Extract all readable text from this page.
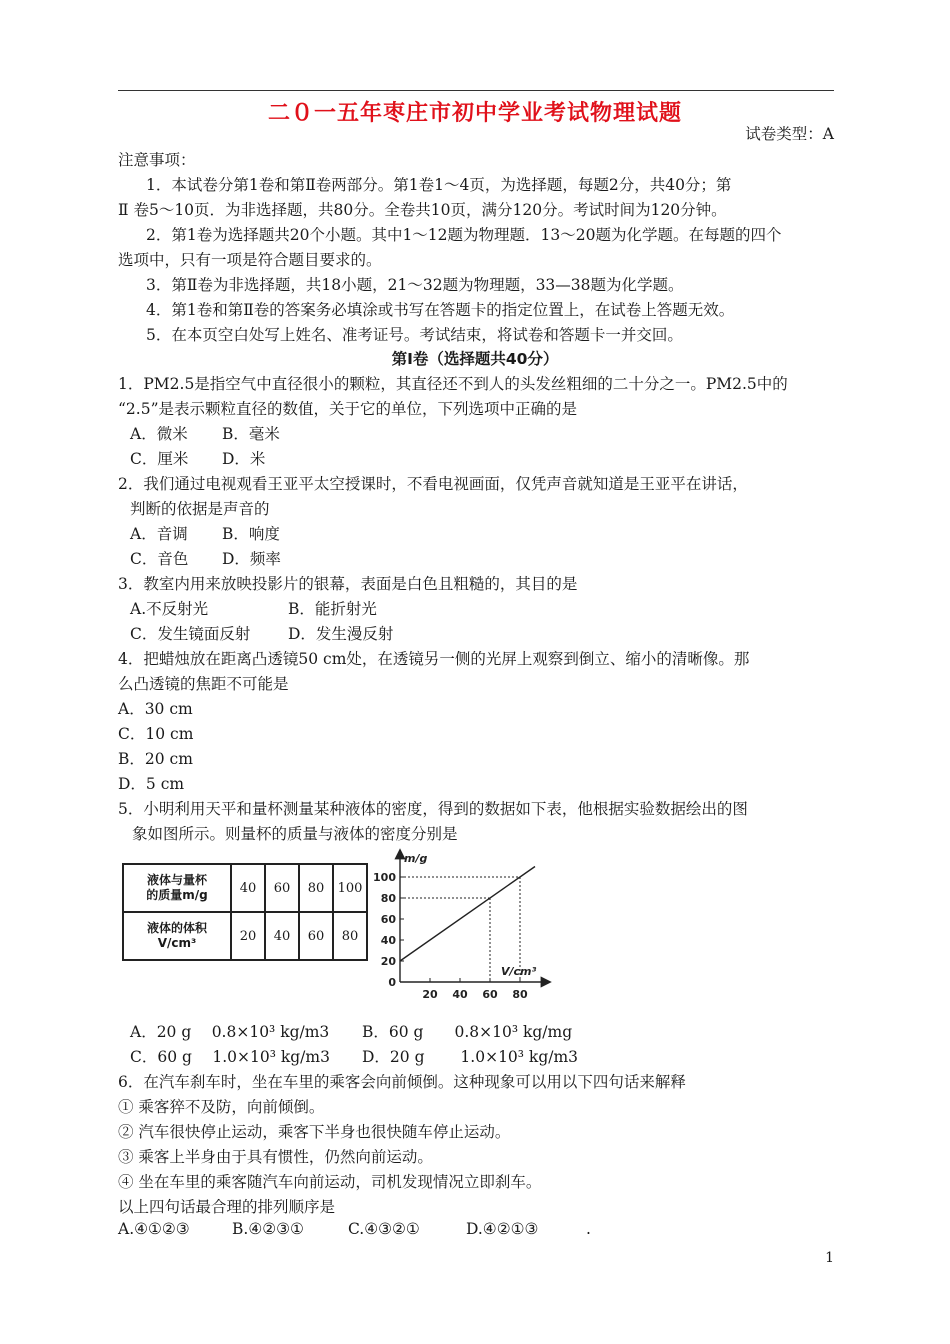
二０一五年枣庄市初中学业考试物理试题
试卷类型：A
注意事项：
1．本试卷分第1卷和第Ⅱ卷两部分。第1卷1～4页，为选择题，每题2分，共40分；第
Ⅱ 卷5～10页．为非选择题，共80分。全卷共10页，满分120分。考试时间为120分钟。
2．第1卷为选择题共20个小题。其中1～12题为物理题．13～20题为化学题。在每题的四个
选项中，只有一项是符合题目要求的。
3．第Ⅱ卷为非选择题，共18小题，21～32题为物理题，33—38题为化学题。
4．第1卷和第Ⅱ卷的答案务必填涂或书写在答题卡的指定位置上，在试卷上答题无效。
5．在本页空白处写上姓名、准考证号。考试结束，将试卷和答题卡一并交回。
第Ⅰ卷（选择题共40分）
1．PM2.5是指空气中直径很小的颗粒，其直径还不到人的头发丝粗细的二十分之一。PM2.5中的
“2.5”是表示颗粒直径的数值，关于它的单位，下列选项中正确的是
A．微米 B．毫米
C．厘米 D．米
2．我们通过电视观看王亚平太空授课时，不看电视画面，仅凭声音就知道是王亚平在讲话，
判断的依据是声音的
A．音调 B．响度
C．音色 D．频率
3．教室内用来放映投影片的银幕，表面是白色且粗糙的，其目的是
A.不反射光	B．能折射光
C．发生镜面反射 D．发生漫反射
4．把蜡烛放在距离凸透镜50 cm处，在透镜另一侧的光屏上观察到倒立、缩小的清晰像。那
么凸透镜的焦距不可能是
A．30 cm
C．10 cm
B．20 cm
D．5 cm
5．小明利用天平和量杯测量某种液体的密度，得到的数据如下表，他根据实验数据绘出的图
象如图所示。则量杯的质量与液体的密度分别是
液体与量杯
的质量m/g	40	60	80	100

液体的体积
V/cm³	20	40	60	80
m/g
V/cm³
0
20
40
60
80
100
20 40 60 80
A．20 g　 0.8×10³ kg/m3 B．60 g　　0.8×10³ kg/mg
C．60 g　 1.0×10³ kg/m3 D．20 g　　 1.0×10³ kg/m3
6．在汽车刹车时，坐在车里的乘客会向前倾倒。这种现象可以用以下四句话来解释
① 乘客猝不及防，向前倾倒。
② 汽车很快停止运动，乘客下半身也很快随车停止运动。
③ 乘客上半身由于具有惯性，仍然向前运动。
④ 坐在车里的乘客随汽车向前运动，司机发现情况立即刹车。
以上四句话最合理的排列顺序是
A.④①②③	B.④②③①	C.④③②①	D.④②①③	.
1
